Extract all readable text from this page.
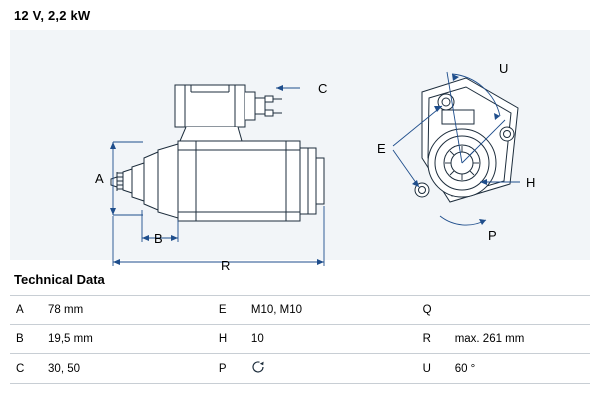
12 V, 2,2 kW
A
B
C
R
E
U
H
P
Technical Data
A	78 mm		E	M10, M10		Q	
B	19,5 mm		H	10		R	max. 261 mm
C	30, 50		P			U	60 °
